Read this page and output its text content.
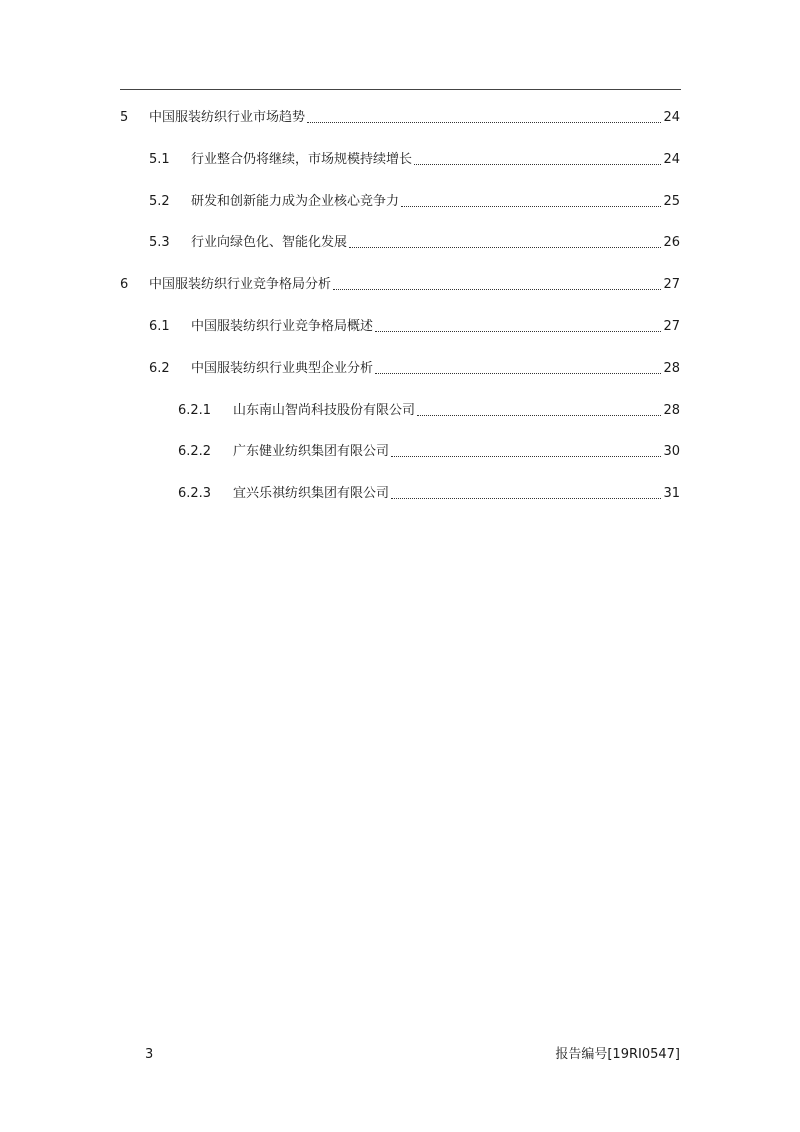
5 中国服装纺织行业市场趋势	24
5.1 行业整合仍将继续，市场规模持续增长	24
5.2 研发和创新能力成为企业核心竞争力	25
5.3 行业向绿色化、智能化发展	26
6 中国服装纺织行业竞争格局分析	27
6.1 中国服装纺织行业竞争格局概述	27
6.2 中国服装纺织行业典型企业分析	28
6.2.1 山东南山智尚科技股份有限公司	28
6.2.2 广东健业纺织集团有限公司	30
6.2.3 宜兴乐祺纺织集团有限公司	31
3	报告编号[19RI0547]
